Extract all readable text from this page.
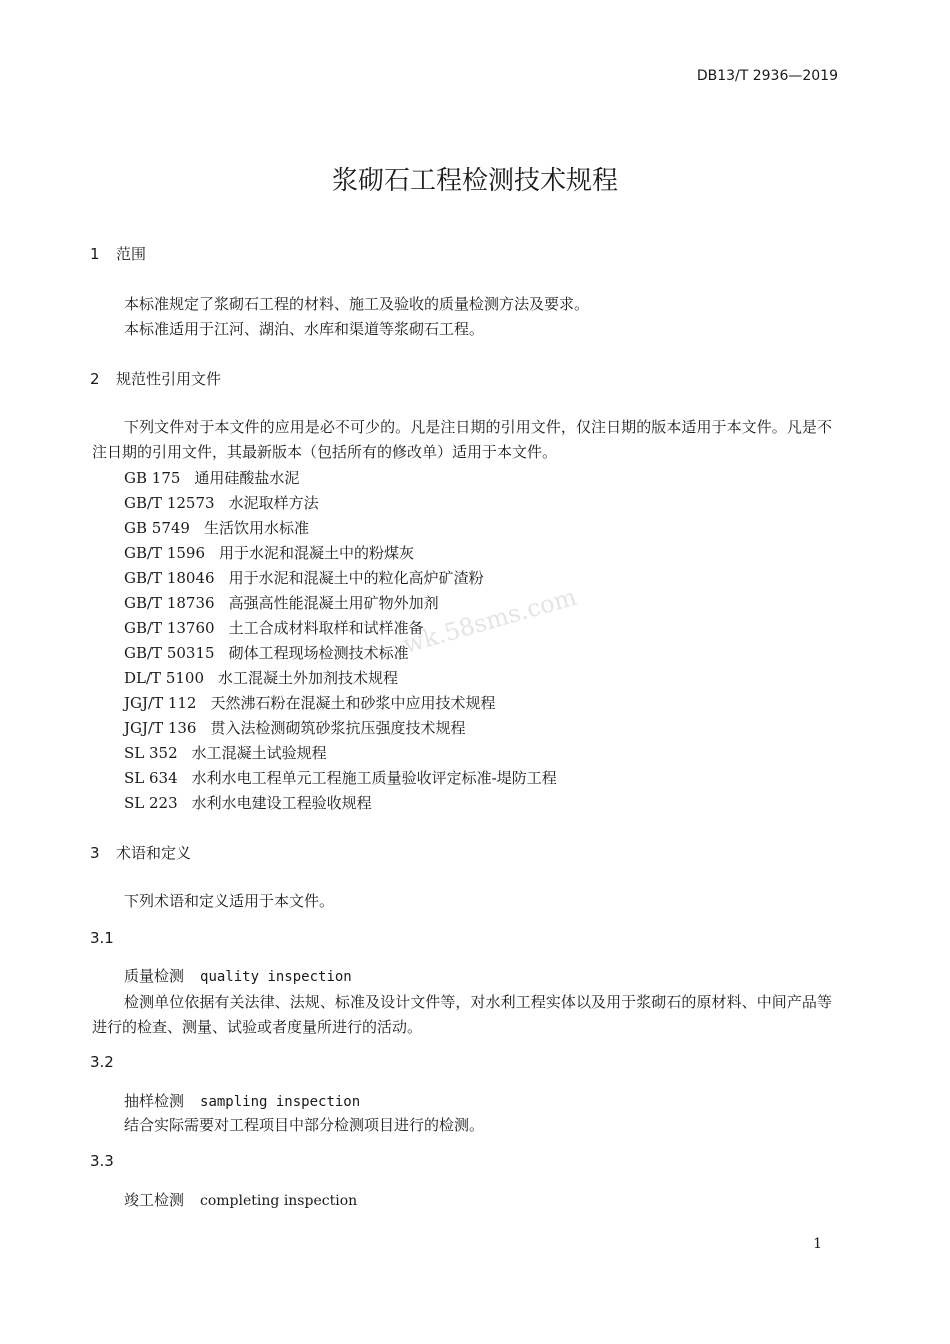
DB13/T 2936—2019
浆砌石工程检测技术规程
1 范围
本标准规定了浆砌石工程的材料、施工及验收的质量检测方法及要求。
本标准适用于江河、湖泊、水库和渠道等浆砌石工程。
2 规范性引用文件
下列文件对于本文件的应用是必不可少的。凡是注日期的引用文件，仅注日期的版本适用于本文件。凡是不注日期的引用文件，其最新版本（包括所有的修改单）适用于本文件。
GB 175 通用硅酸盐水泥
GB/T 12573 水泥取样方法
GB 5749 生活饮用水标准
GB/T 1596 用于水泥和混凝土中的粉煤灰
GB/T 18046 用于水泥和混凝土中的粒化高炉矿渣粉
GB/T 18736 高强高性能混凝土用矿物外加剂
GB/T 13760 土工合成材料取样和试样准备
GB/T 50315 砌体工程现场检测技术标准
DL/T 5100 水工混凝土外加剂技术规程
JGJ/T 112 天然沸石粉在混凝土和砂浆中应用技术规程
JGJ/T 136 贯入法检测砌筑砂浆抗压强度技术规程
SL 352 水工混凝土试验规程
SL 634 水利水电工程单元工程施工质量验收评定标准-堤防工程
SL 223 水利水电建设工程验收规程
3 术语和定义
下列术语和定义适用于本文件。
3.1
质量检测 quality inspection
检测单位依据有关法律、法规、标准及设计文件等，对水利工程实体以及用于浆砌石的原材料、中间产品等进行的检查、测量、试验或者度量所进行的活动。
3.2
抽样检测 sampling inspection
结合实际需要对工程项目中部分检测项目进行的检测。
3.3
竣工检测 completing inspection
wk.58sms.com
1
